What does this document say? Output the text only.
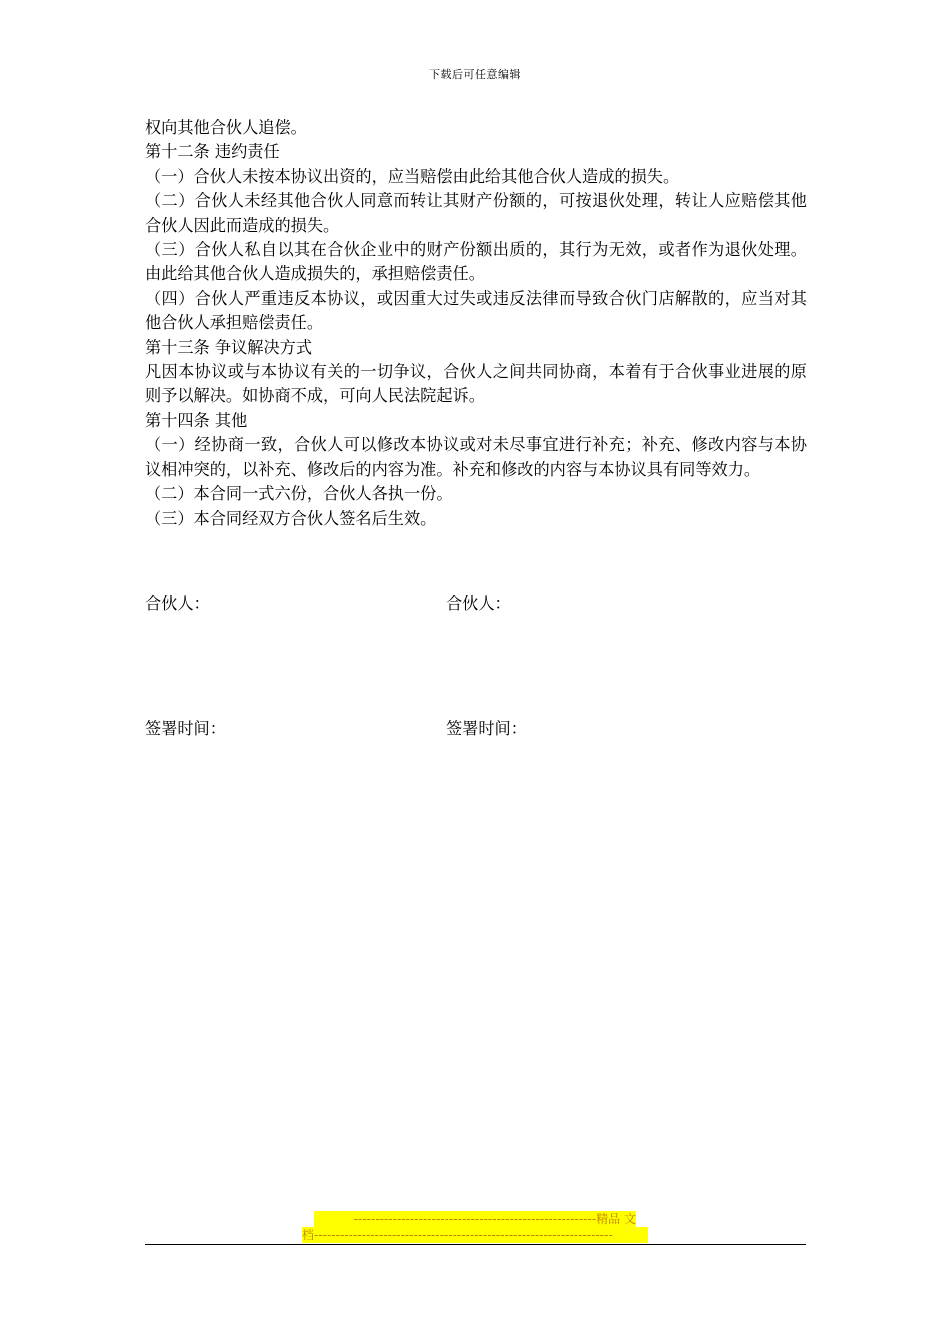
下载后可任意编辑

权向其他合伙人追偿。

第十二条 违约责任

（一）合伙人未按本协议出资的，应当赔偿由此给其他合伙人造成的损失。

（二）合伙人未经其他合伙人同意而转让其财产份额的，可按退伙处理，转让人应赔偿其他合伙人因此而造成的损失。

（三）合伙人私自以其在合伙企业中的财产份额出质的，其行为无效，或者作为退伙处理。由此给其他合伙人造成损失的，承担赔偿责任。

（四）合伙人严重违反本协议，或因重大过失或违反法律而导致合伙门店解散的，应当对其他合伙人承担赔偿责任。

第十三条 争议解决方式

凡因本协议或与本协议有关的一切争议，合伙人之间共同协商，本着有于合伙事业进展的原则予以解决。如协商不成，可向人民法院起诉。

第十四条 其他

（一）经协商一致，合伙人可以修改本协议或对未尽事宜进行补充；补充、修改内容与本协议相冲突的，以补充、修改后的内容为准。补充和修改的内容与本协议具有同等效力。

（二）本合同一式六份，合伙人各执一份。

（三）本合同经双方合伙人签名后生效。

合伙人：	合伙人：
签署时间：	签署时间：
--------------------------------------------------------精品 文
档---------------------------------------------------------------------
